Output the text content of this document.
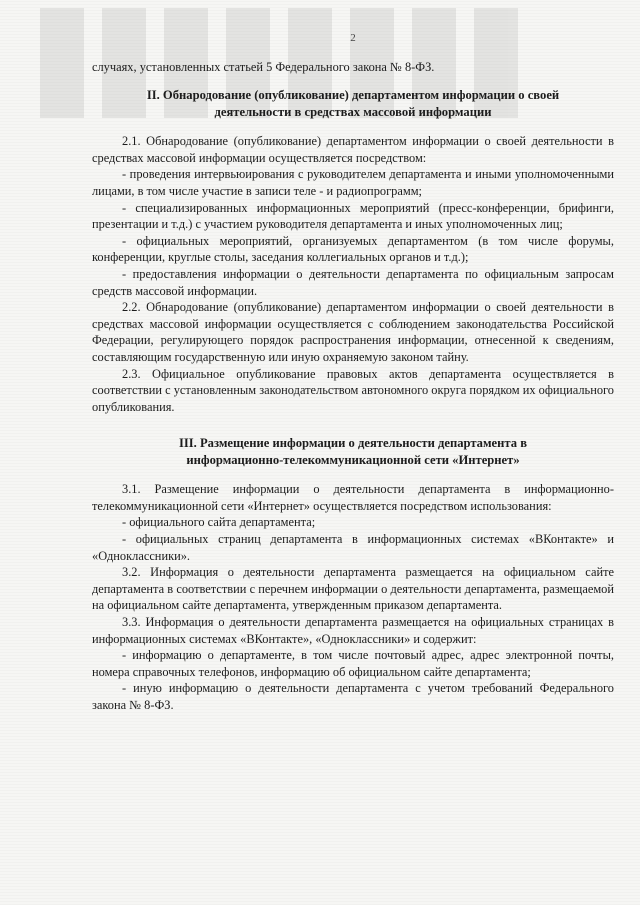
2

случаях, установленных статьей 5 Федерального закона № 8-ФЗ.

II. Обнародование (опубликование) департаментом информации о своей
деятельности в средствах массовой информации

2.1. Обнародование (опубликование) департаментом информации о своей деятельности в средствах массовой информации осуществляется посредством:

- проведения интервьюирования с руководителем департамента и иными уполномоченными лицами, в том числе участие в записи теле - и радиопрограмм;

- специализированных информационных мероприятий (пресс-конференции, брифинги, презентации и т.д.) с участием руководителя департамента и иных уполномоченных лиц;

- официальных мероприятий, организуемых департаментом (в том числе форумы, конференции, круглые столы, заседания коллегиальных органов и т.д.);

- предоставления информации о деятельности департамента по официальным запросам средств массовой информации.

2.2. Обнародование (опубликование) департаментом информации о своей деятельности в средствах массовой информации осуществляется с соблюдением законодательства Российской Федерации, регулирующего порядок распространения информации, отнесенной к сведениям, составляющим государственную или иную охраняемую законом тайну.

2.3. Официальное опубликование правовых актов департамента осуществляется в соответствии с установленным законодательством автономного округа порядком их официального опубликования.

III. Размещение информации о деятельности департамента в
информационно-телекоммуникационной сети «Интернет»

3.1. Размещение информации о деятельности департамента в информационно-телекоммуникационной сети «Интернет» осуществляется посредством использования:

- официального сайта департамента;

- официальных страниц департамента в информационных системах «ВКонтакте» и «Одноклассники».

3.2. Информация о деятельности департамента размещается на официальном сайте департамента в соответствии с перечнем информации о деятельности департамента, размещаемой на официальном сайте департамента, утвержденным приказом департамента.

3.3. Информация о деятельности департамента размещается на официальных страницах в информационных системах «ВКонтакте», «Одноклассники» и содержит:

- информацию о департаменте, в том числе почтовый адрес, адрес электронной почты, номера справочных телефонов, информацию об официальном сайте департамента;

- иную информацию о деятельности департамента с учетом требований Федерального закона № 8-ФЗ.
